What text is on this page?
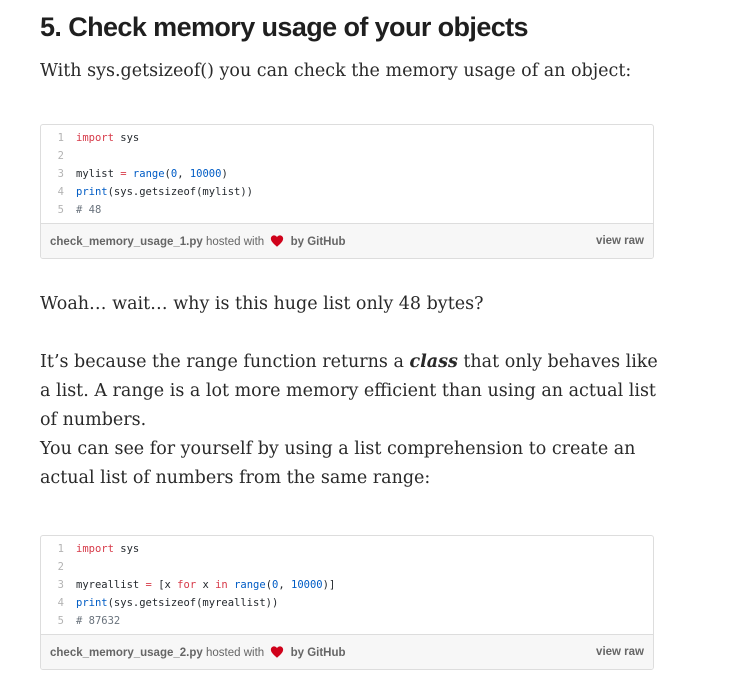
5. Check memory usage of your objects

With sys.getsizeof() you can check the memory usage of an object:

1	import sys
2
3	mylist = range(0, 10000)
4	print(sys.getsizeof(mylist))
5	# 48
check_memory_usage_1.py hosted with by GitHub	view raw

Woah… wait… why is this huge list only 48 bytes?

It’s because the range function returns a class that only behaves like a list. A range is a lot more memory efficient than using an actual list of numbers.

You can see for yourself by using a list comprehension to create an actual list of numbers from the same range:

1	import sys
2
3	myreallist = [x for x in range(0, 10000)]
4	print(sys.getsizeof(myreallist))
5	# 87632
check_memory_usage_2.py hosted with by GitHub	view raw
